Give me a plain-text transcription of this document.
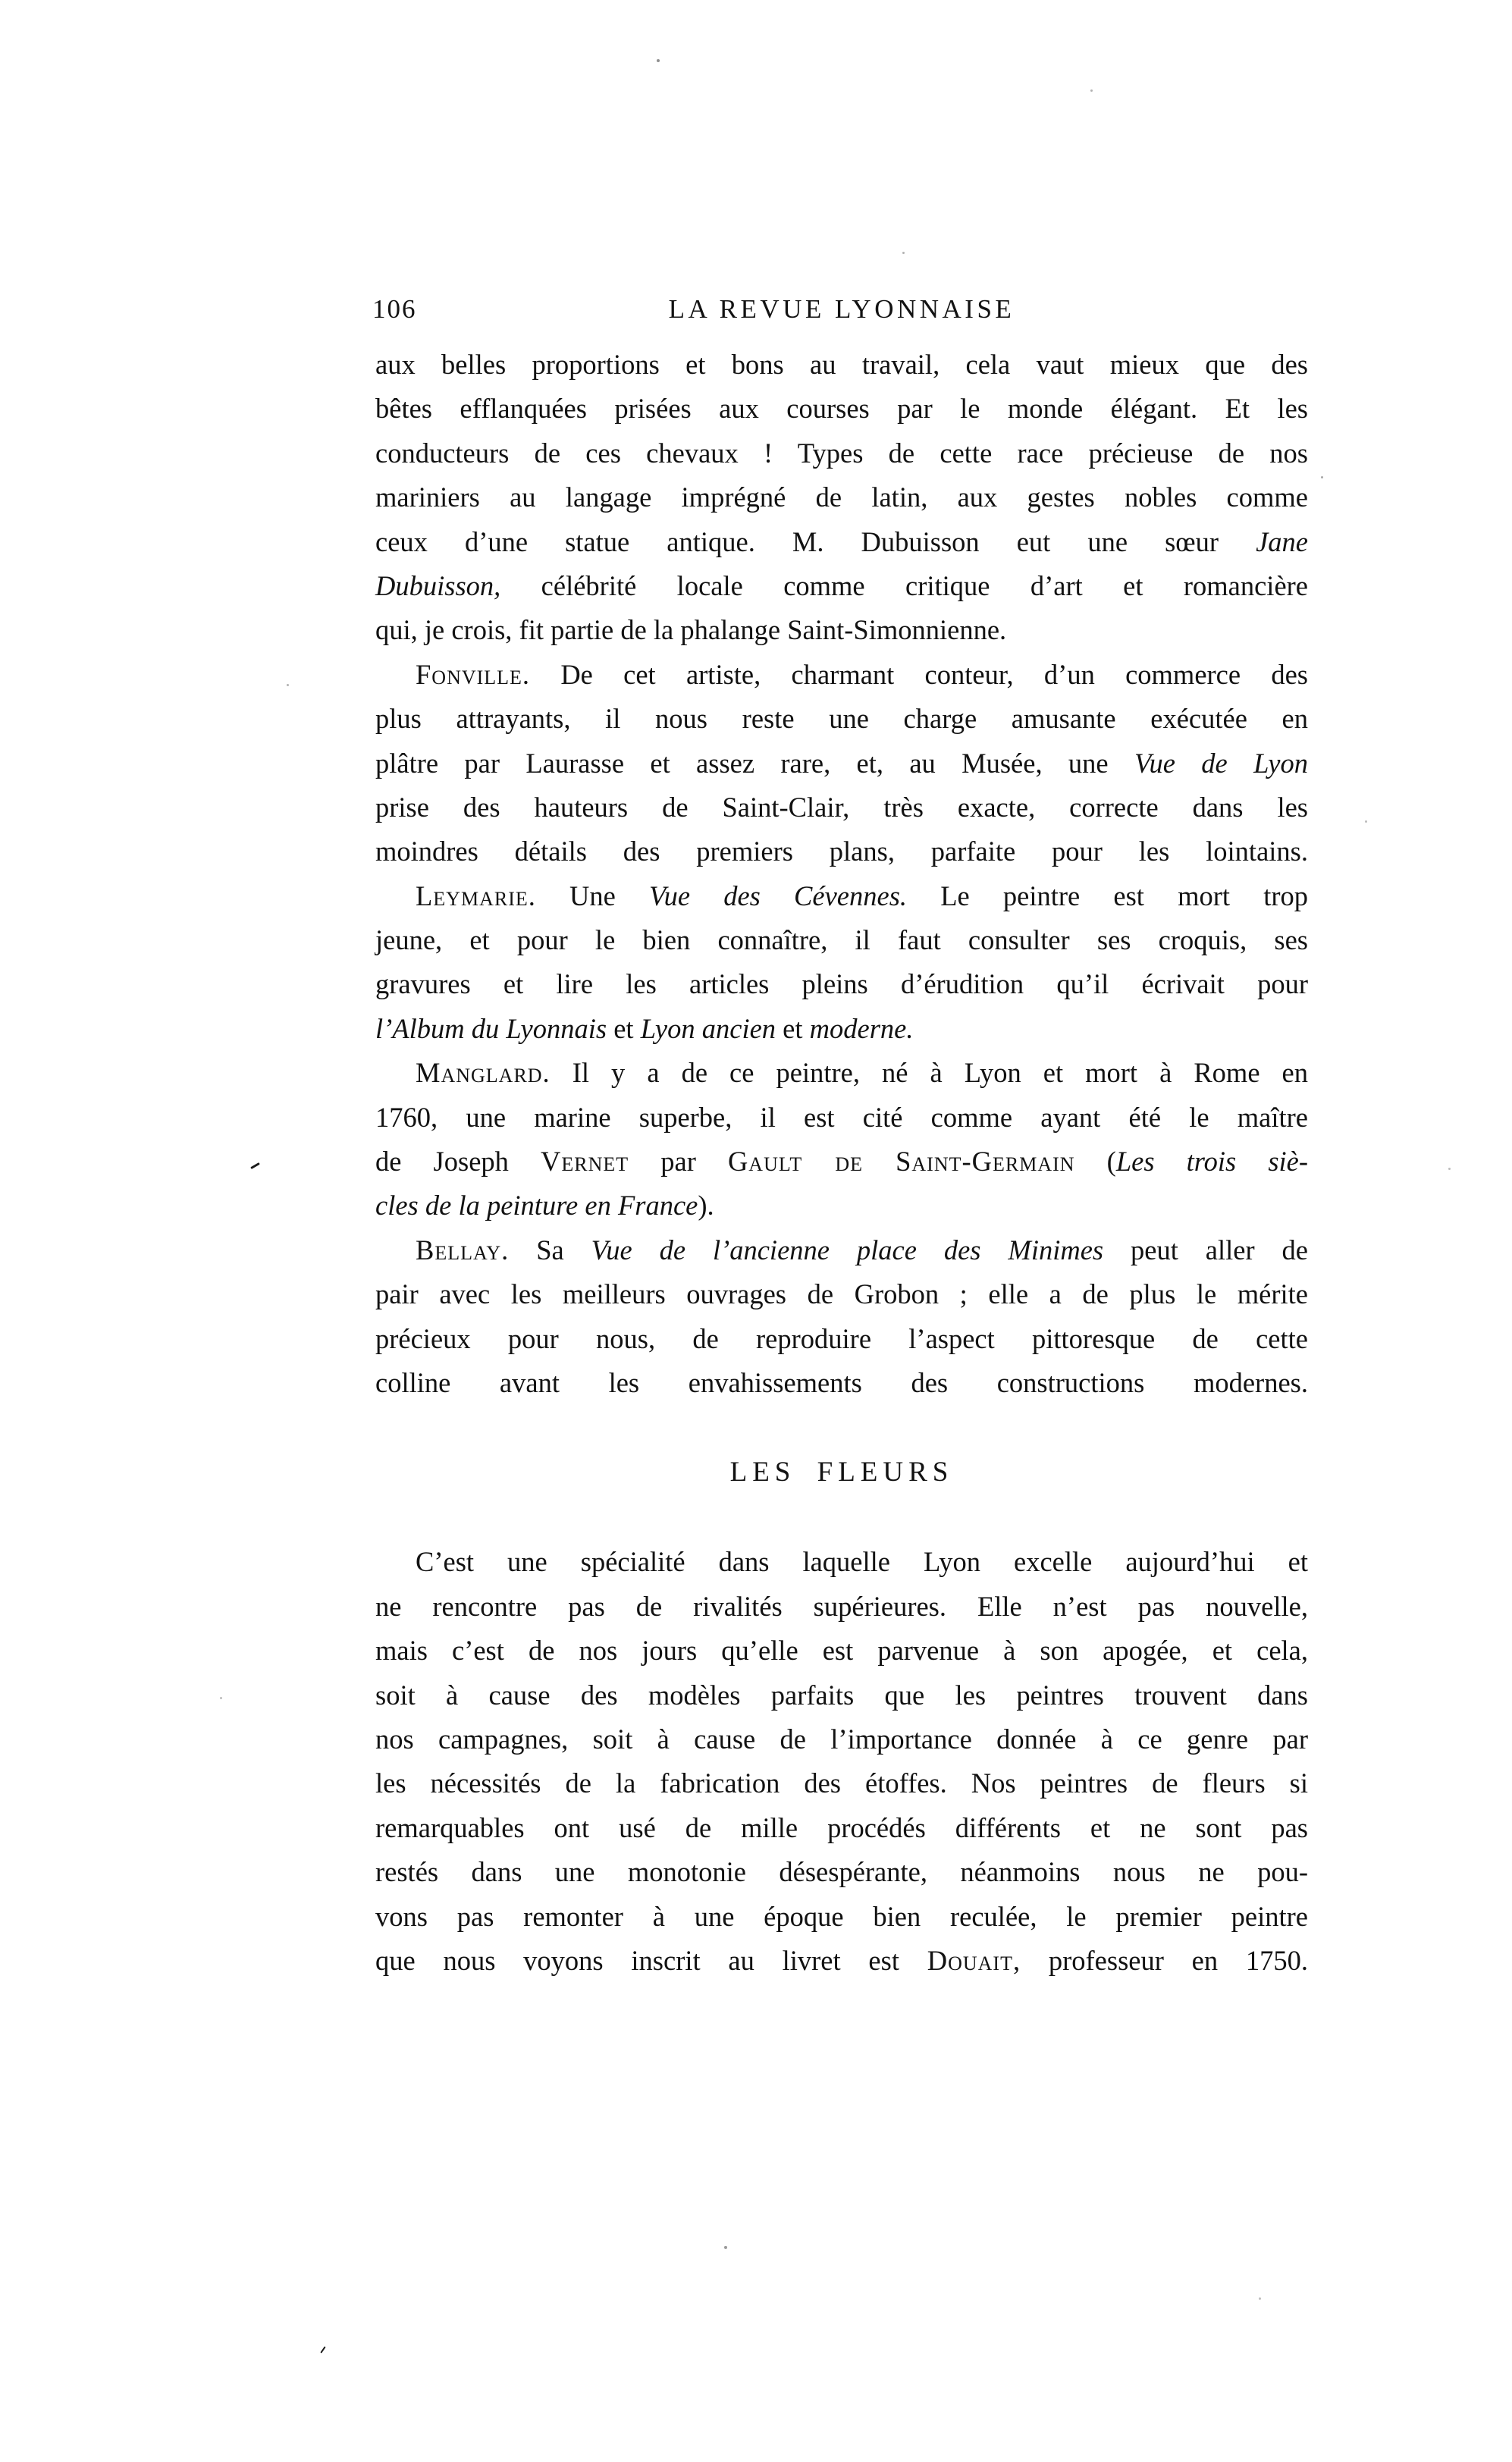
106	LA REVUE LYONNAISE
aux belles proportions et bons au travail, cela vaut mieux que des
bêtes efflanquées prisées aux courses par le monde élégant. Et les
conducteurs de ces chevaux ! Types de cette race précieuse de nos
mariniers au langage imprégné de latin, aux gestes nobles comme
ceux d’une statue antique. M. Dubuisson eut une sœur Jane
Dubuisson, célébrité locale comme critique d’art et romancière
qui, je crois, fit partie de la phalange Saint-Simonnienne.
Fonville. De cet artiste, charmant conteur, d’un commerce des
plus attrayants, il nous reste une charge amusante exécutée en
plâtre par Laurasse et assez rare, et, au Musée, une Vue de Lyon
prise des hauteurs de Saint-Clair, très exacte, correcte dans les
moindres détails des premiers plans, parfaite pour les lointains.
Leymarie. Une Vue des Cévennes. Le peintre est mort trop
jeune, et pour le bien connaître, il faut consulter ses croquis, ses
gravures et lire les articles pleins d’érudition qu’il écrivait pour
l’Album du Lyonnais et Lyon ancien et moderne.
Manglard. Il y a de ce peintre, né à Lyon et mort à Rome en
1760, une marine superbe, il est cité comme ayant été le maître
de Joseph Vernet par Gault de Saint-Germain (Les trois siè-
cles de la peinture en France).
Bellay. Sa Vue de l’ancienne place des Minimes peut aller de
pair avec les meilleurs ouvrages de Grobon ; elle a de plus le mérite
précieux pour nous, de reproduire l’aspect pittoresque de cette
colline avant les envahissements des constructions modernes.
LES FLEURS
C’est une spécialité dans laquelle Lyon excelle aujourd’hui et
ne rencontre pas de rivalités supérieures. Elle n’est pas nouvelle,
mais c’est de nos jours qu’elle est parvenue à son apogée, et cela,
soit à cause des modèles parfaits que les peintres trouvent dans
nos campagnes, soit à cause de l’importance donnée à ce genre par
les nécessités de la fabrication des étoffes. Nos peintres de fleurs si
remarquables ont usé de mille procédés différents et ne sont pas
restés dans une monotonie désespérante, néanmoins nous ne pou-
vons pas remonter à une époque bien reculée, le premier peintre
que nous voyons inscrit au livret est Douait, professeur en 1750.
